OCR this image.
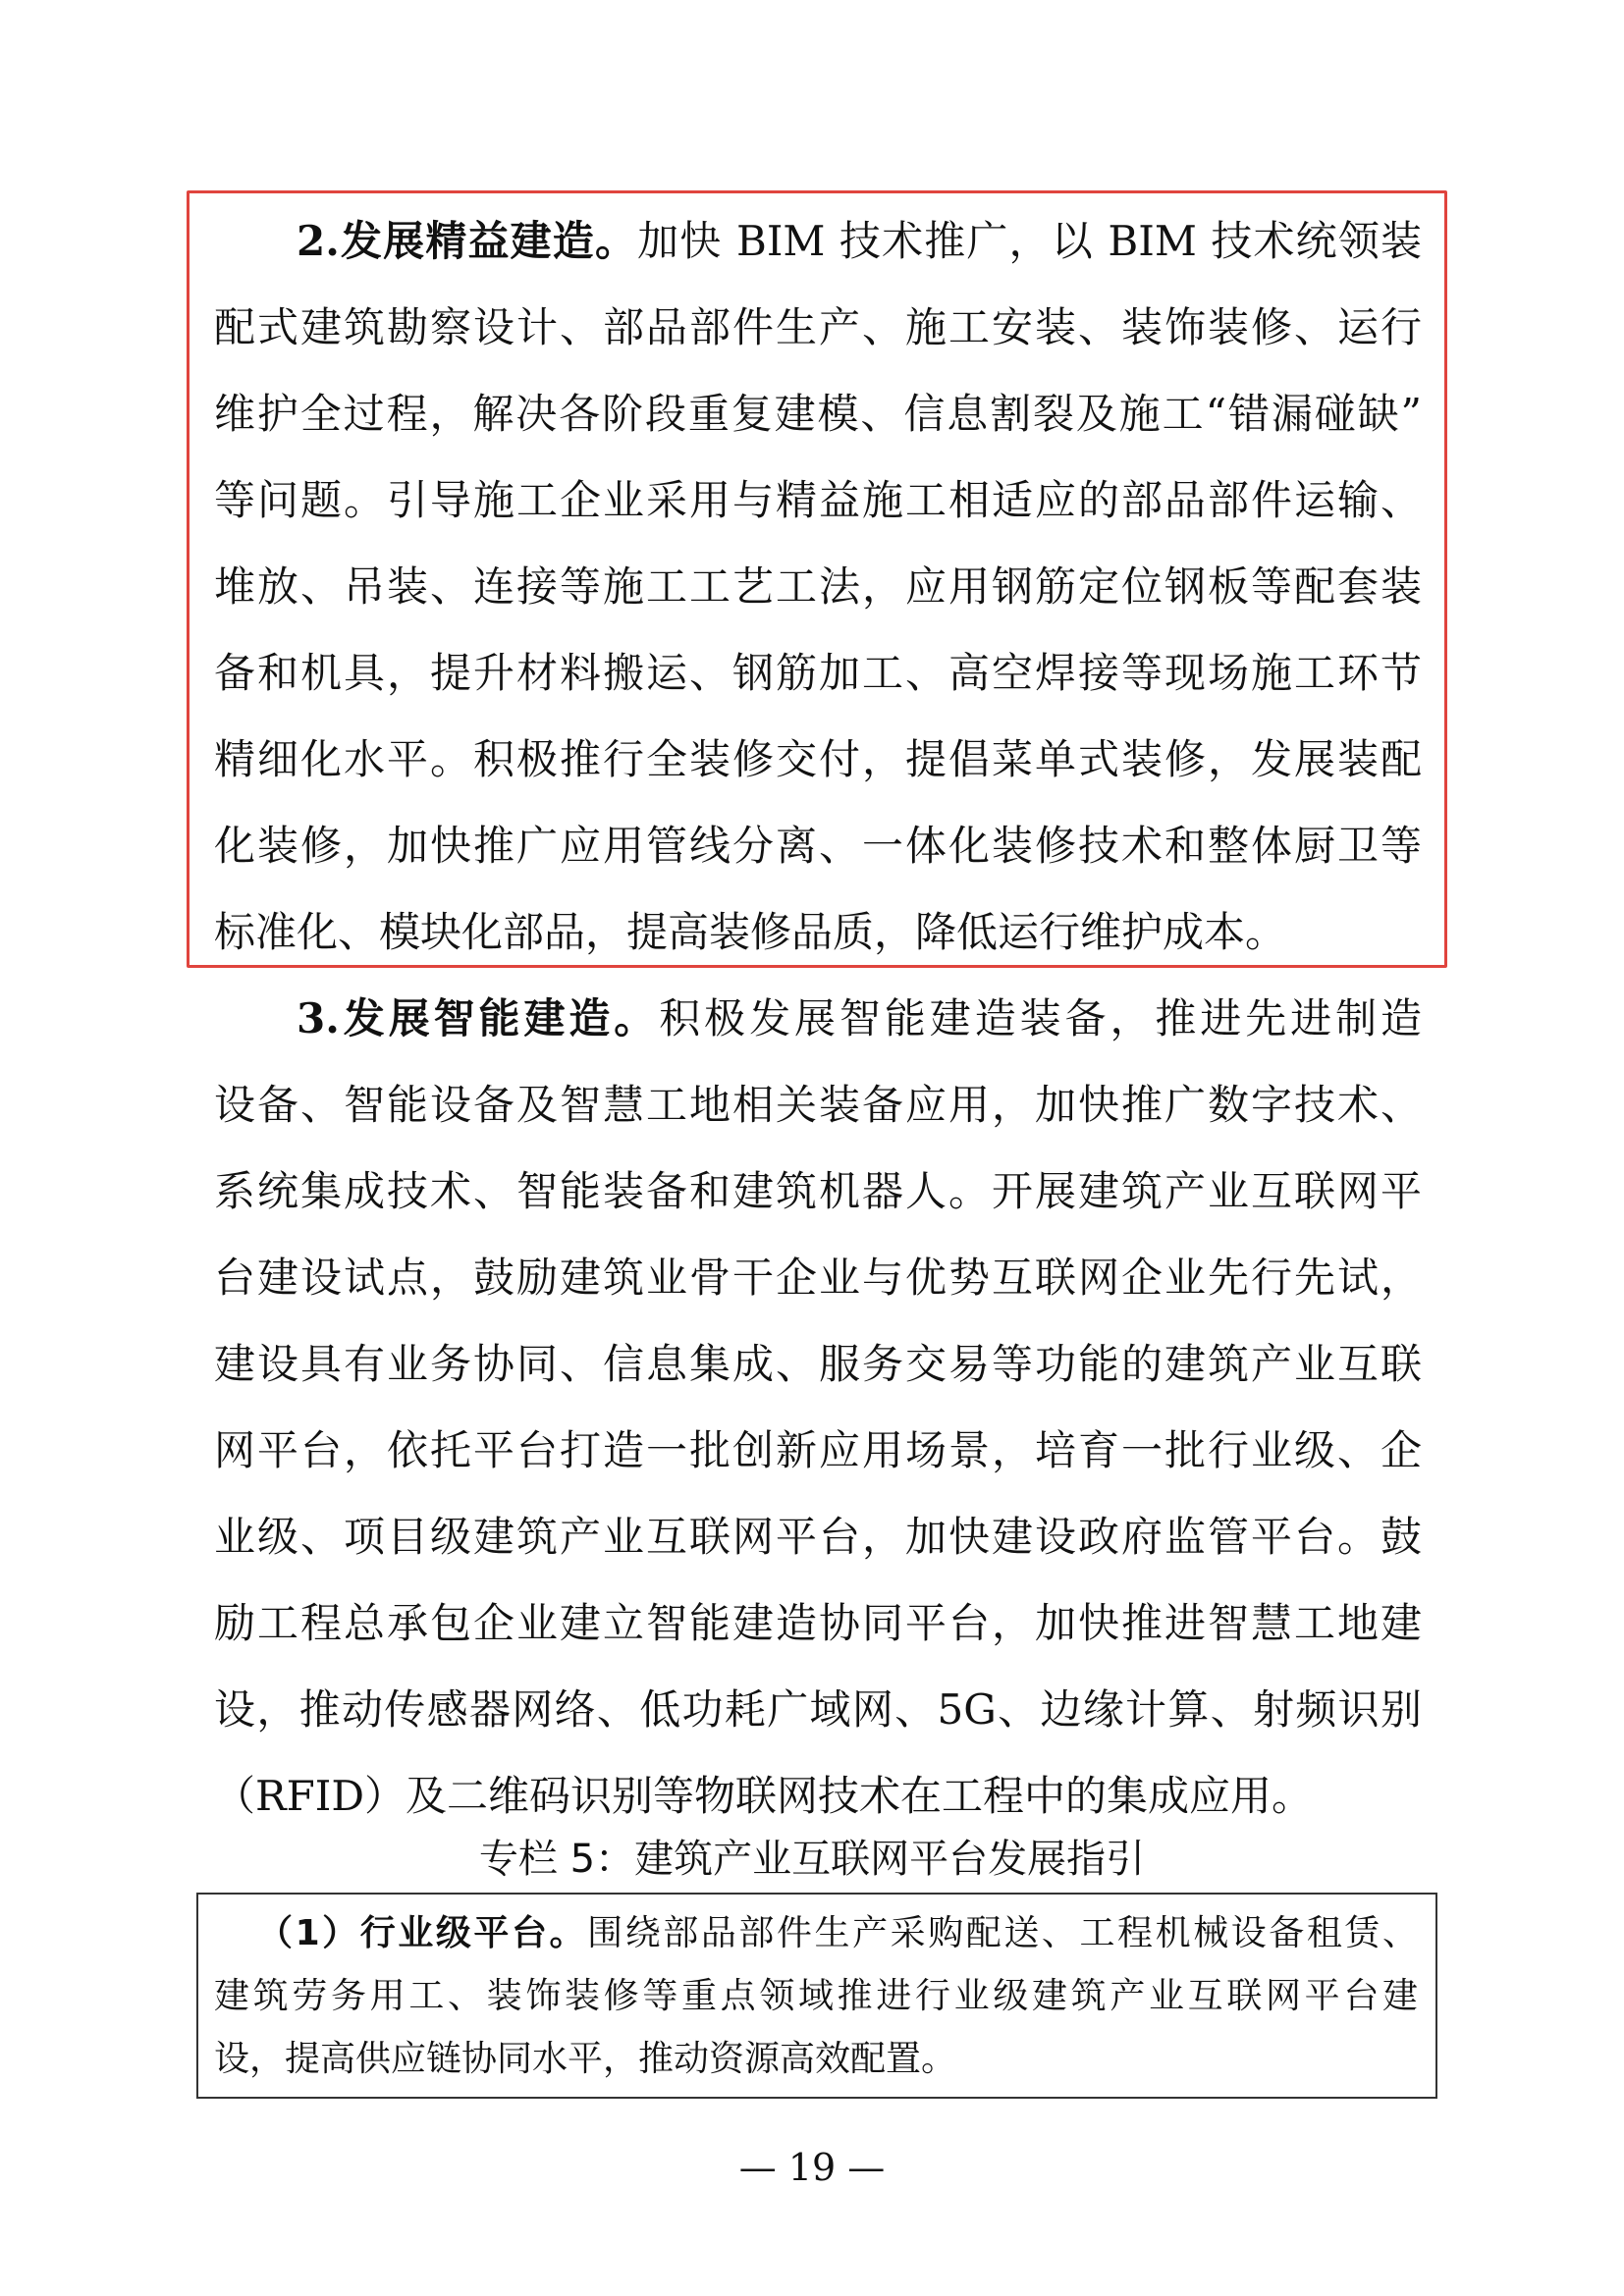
2.发展精益建造。加快 BIM 技术推广，以 BIM 技术统领装
配式建筑勘察设计、部品部件生产、施工安装、装饰装修、运行
维护全过程，解决各阶段重复建模、信息割裂及施工“错漏碰缺”
等问题。引导施工企业采用与精益施工相适应的部品部件运输、
堆放、吊装、连接等施工工艺工法，应用钢筋定位钢板等配套装
备和机具，提升材料搬运、钢筋加工、高空焊接等现场施工环节
精细化水平。积极推行全装修交付，提倡菜单式装修，发展装配
化装修，加快推广应用管线分离、一体化装修技术和整体厨卫等
标准化、模块化部品，提高装修品质，降低运行维护成本。
3.发展智能建造。积极发展智能建造装备，推进先进制造
设备、智能设备及智慧工地相关装备应用，加快推广数字技术、
系统集成技术、智能装备和建筑机器人。开展建筑产业互联网平
台建设试点，鼓励建筑业骨干企业与优势互联网企业先行先试，
建设具有业务协同、信息集成、服务交易等功能的建筑产业互联
网平台，依托平台打造一批创新应用场景，培育一批行业级、企
业级、项目级建筑产业互联网平台，加快建设政府监管平台。鼓
励工程总承包企业建立智能建造协同平台，加快推进智慧工地建
设，推动传感器网络、低功耗广域网、5G、边缘计算、射频识别
（RFID）及二维码识别等物联网技术在工程中的集成应用。
专栏 5：建筑产业互联网平台发展指引
（1）行业级平台。围绕部品部件生产采购配送、工程机械设备租赁、
建筑劳务用工、装饰装修等重点领域推进行业级建筑产业互联网平台建
设，提高供应链协同水平，推动资源高效配置。
— 19 —
